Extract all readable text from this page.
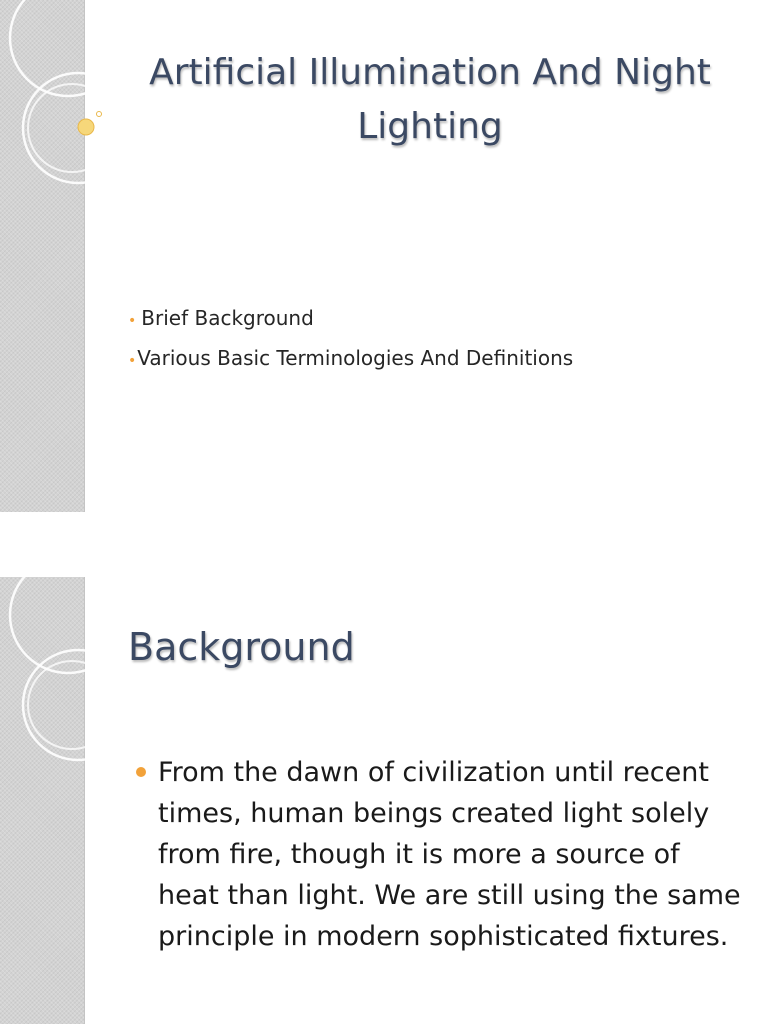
Artificial Illumination And Night Lighting
• Brief Background
•Various Basic Terminologies And Definitions
Background

From the dawn of civilization until recent times, human beings created light solely from fire, though it is more a source of heat than light. We are still using the same principle in modern sophisticated fixtures.
